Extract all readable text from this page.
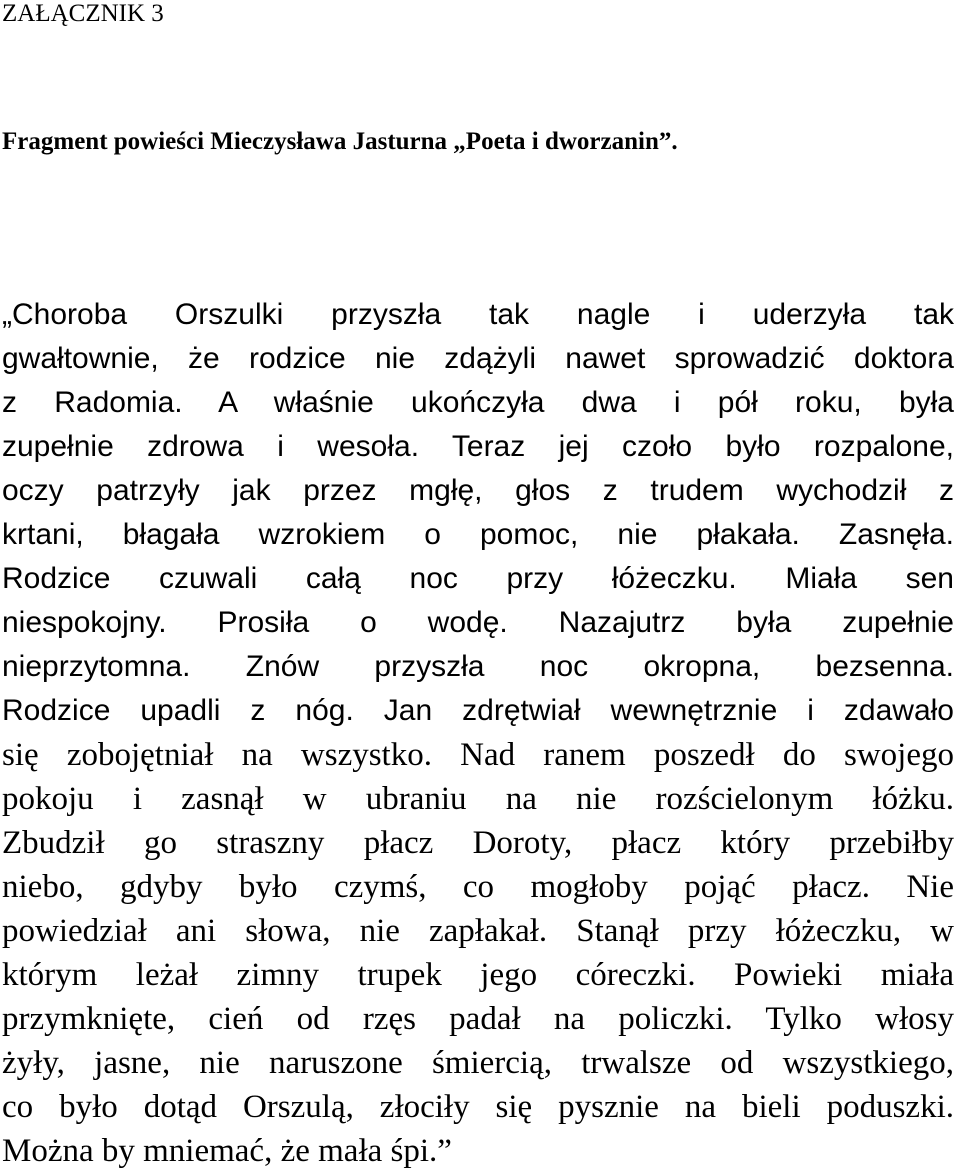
ZAŁĄCZNIK 3
Fragment powieści Mieczysława Jasturna „Poeta i dworzanin”.
„Choroba Orszulki przyszła tak nagle i uderzyła tak
gwałtownie, że rodzice nie zdążyli nawet sprowadzić doktora
z Radomia. A właśnie ukończyła dwa i pół roku, była
zupełnie zdrowa i wesoła. Teraz jej czoło było rozpalone,
oczy patrzyły jak przez mgłę, głos z trudem wychodził z
krtani, błagała wzrokiem o pomoc, nie płakała. Zasnęła.
Rodzice czuwali całą noc przy łóżeczku. Miała sen
niespokojny. Prosiła o wodę. Nazajutrz była zupełnie
nieprzytomna. Znów przyszła noc okropna, bezsenna.
Rodzice upadli z nóg. Jan zdrętwiał wewnętrznie i zdawało
się zobojętniał na wszystko. Nad ranem poszedł do swojego
pokoju i zasnął w ubraniu na nie rozścielonym łóżku.
Zbudził go straszny płacz Doroty, płacz który przebiłby
niebo, gdyby było czymś, co mogłoby pojąć płacz. Nie
powiedział ani słowa, nie zapłakał. Stanął przy łóżeczku, w
którym leżał zimny trupek jego córeczki. Powieki miała
przymknięte, cień od rzęs padał na policzki. Tylko włosy
żyły, jasne, nie naruszone śmiercią, trwalsze od wszystkiego,
co było dotąd Orszulą, złociły się pysznie na bieli poduszki.
Można by mniemać, że mała śpi.”
